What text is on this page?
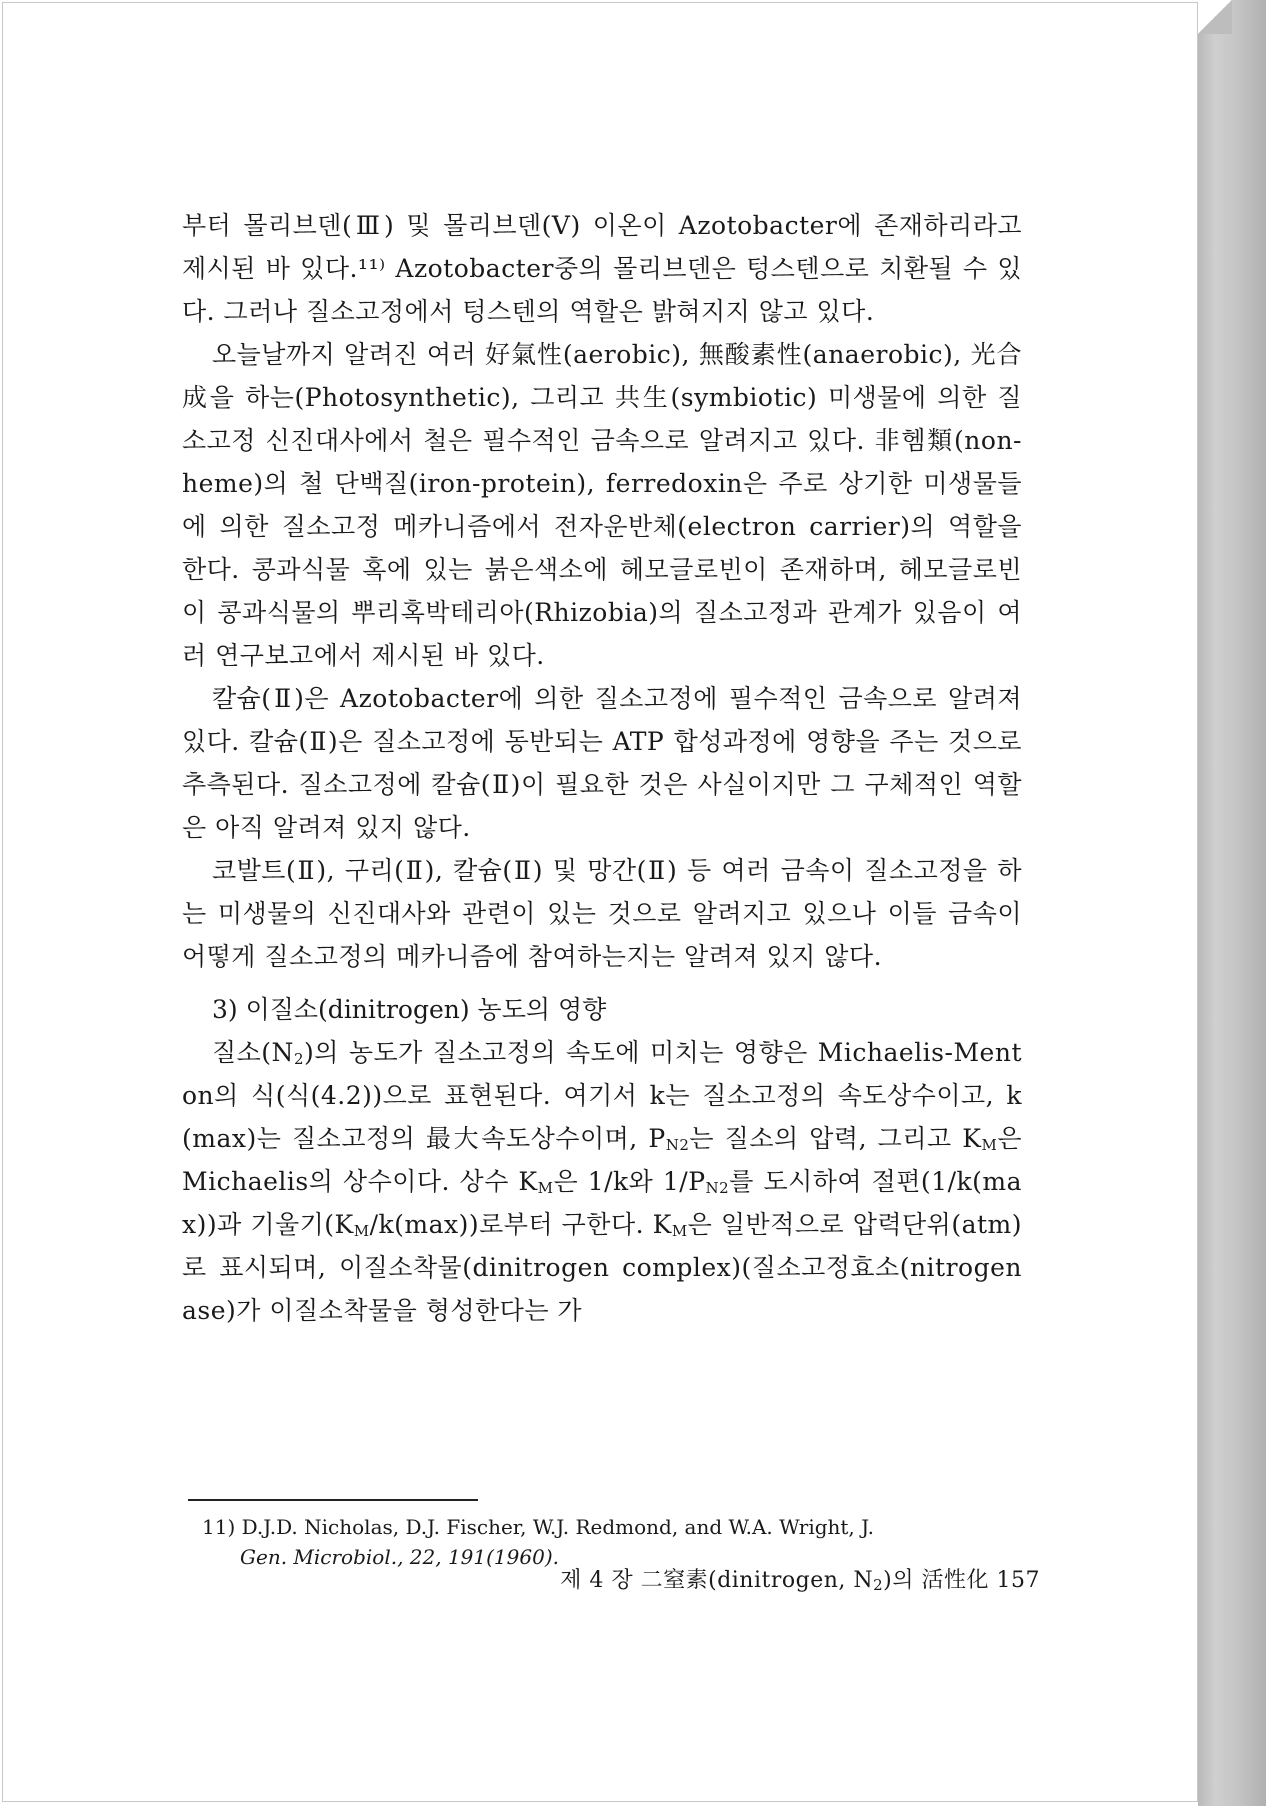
부터 몰리브덴(Ⅲ) 및 몰리브덴(V) 이온이 Azotobacter에 존재하리라고 제시된 바 있다.¹¹⁾ Azotobacter중의 몰리브덴은 텅스텐으로 치환될 수 있다. 그러나 질소고정에서 텅스텐의 역할은 밝혀지지 않고 있다.

오늘날까지 알려진 여러 好氣性(aerobic), 無酸素性(anaerobic), 光合成을 하는(Photosynthetic), 그리고 共生(symbiotic) 미생물에 의한 질소고정 신진대사에서 철은 필수적인 금속으로 알려지고 있다. 非헴類(non-heme)의 철 단백질(iron-protein), ferredoxin은 주로 상기한 미생물들에 의한 질소고정 메카니즘에서 전자운반체(electron carrier)의 역할을 한다. 콩과식물 혹에 있는 붉은색소에 헤모글로빈이 존재하며, 헤모글로빈이 콩과식물의 뿌리혹박테리아(Rhizobia)의 질소고정과 관계가 있음이 여러 연구보고에서 제시된 바 있다.

칼슘(Ⅱ)은 Azotobacter에 의한 질소고정에 필수적인 금속으로 알려져 있다. 칼슘(Ⅱ)은 질소고정에 동반되는 ATP 합성과정에 영향을 주는 것으로 추측된다. 질소고정에 칼슘(Ⅱ)이 필요한 것은 사실이지만 그 구체적인 역할은 아직 알려져 있지 않다.

코발트(Ⅱ), 구리(Ⅱ), 칼슘(Ⅱ) 및 망간(Ⅱ) 등 여러 금속이 질소고정을 하는 미생물의 신진대사와 관련이 있는 것으로 알려지고 있으나 이들 금속이 어떻게 질소고정의 메카니즘에 참여하는지는 알려져 있지 않다.

3) 이질소(dinitrogen) 농도의 영향

질소$(N_2)$의 농도가 질소고정의 속도에 미치는 영향은 Michaelis-Menton의 식(식(4.2))으로 표현된다. 여기서 k는 질소고정의 속도상수이고, k(max)는 질소고정의 最大속도상수이며, $P_{N2}$는 질소의 압력, 그리고 $K_M$은 Michaelis의 상수이다. 상수 $K_M$은 1/k와 $1/P_{N2}$를 도시하여 절편(1/k(max))과 기울기$(K_M/k(\max))$로부터 구한다. $K_M$은 일반적으로 압력단위(atm)로 표시되며, 이질소착물(dinitrogen complex)(질소고정효소(nitrogenase)가 이질소착물을 형성한다는 가

11) D.J.D. Nicholas, D.J. Fischer, W.J. Redmond, and W.A. Wright, J.
Gen. Microbiol., 22, 191(1960).
제 4 장 二窒素(dinitrogen, $N_2$)의 活性化 157
